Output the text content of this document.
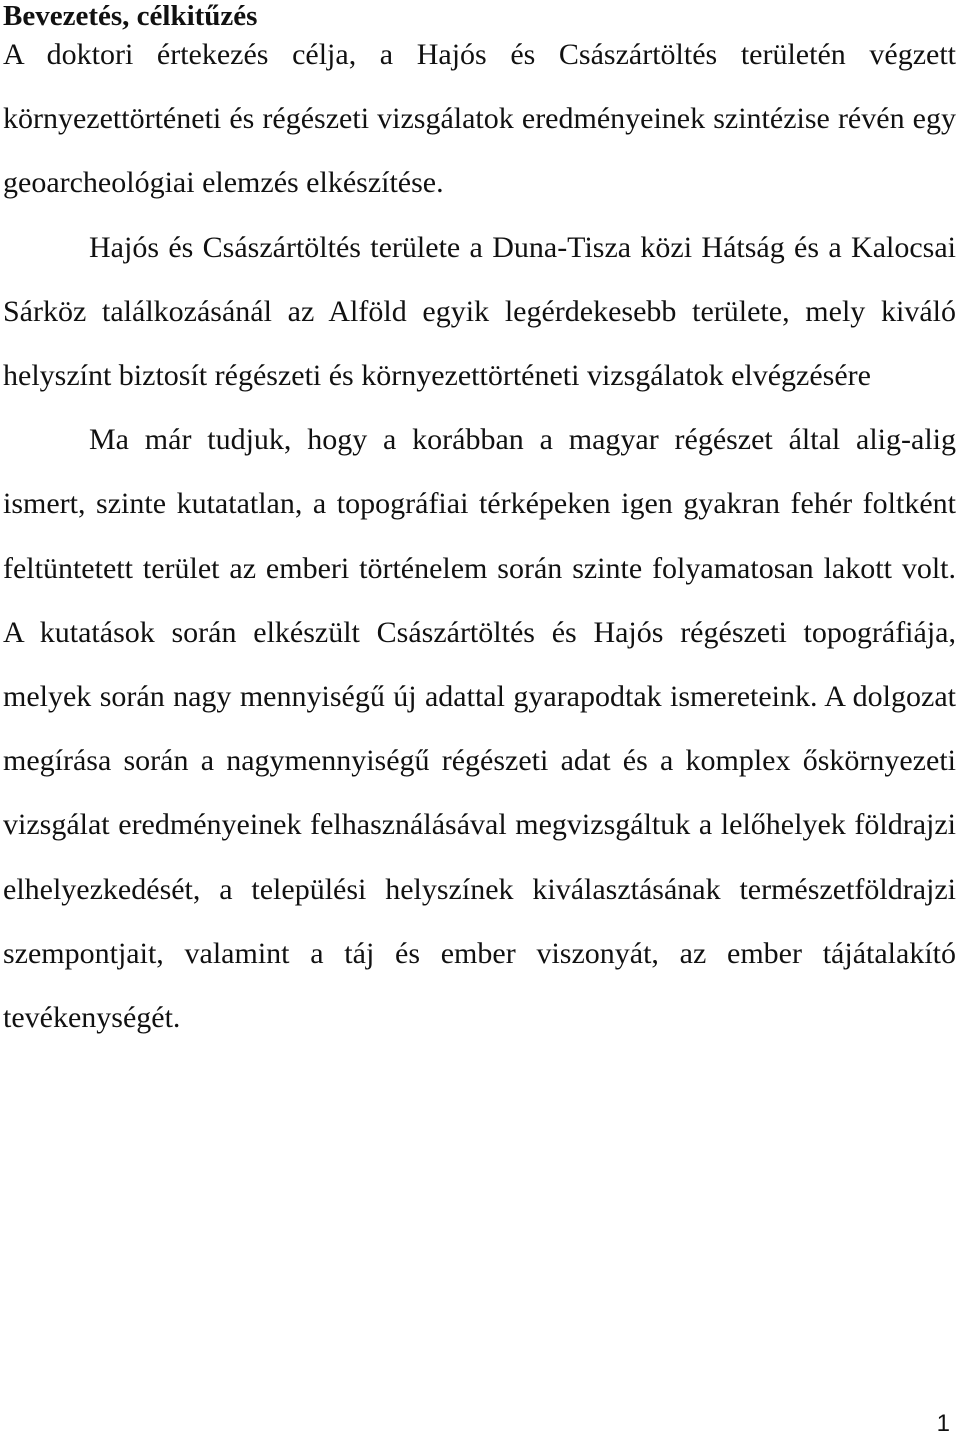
Bevezetés, célkitűzés

A doktori értekezés célja, a Hajós és Császártöltés területén végzett környezettörténeti és régészeti vizsgálatok eredményeinek szintézise révén egy geoarcheológiai elemzés elkészítése.

Hajós és Császártöltés területe a Duna-Tisza közi Hátság és a Kalocsai Sárköz találkozásánál az Alföld egyik legérdekesebb területe, mely kiváló helyszínt biztosít régészeti és környezettörténeti vizsgálatok elvégzésére

Ma már tudjuk, hogy a korábban a magyar régészet által alig-alig ismert, szinte kutatatlan, a topográfiai térképeken igen gyakran fehér foltként feltüntetett terület az emberi történelem során szinte folyamatosan lakott volt. A kutatások során elkészült Császártöltés és Hajós régészeti topográfiája, melyek során nagy mennyiségű új adattal gyarapodtak ismereteink. A dolgozat megírása során a nagymennyiségű régészeti adat és a komplex őskörnyezeti vizsgálat eredményeinek felhasználásával megvizsgáltuk a lelőhelyek földrajzi elhelyezkedését, a települési helyszínek kiválasztásának természetföldrajzi szempontjait, valamint a táj és ember viszonyát, az ember tájátalakító tevékenységét.

1
